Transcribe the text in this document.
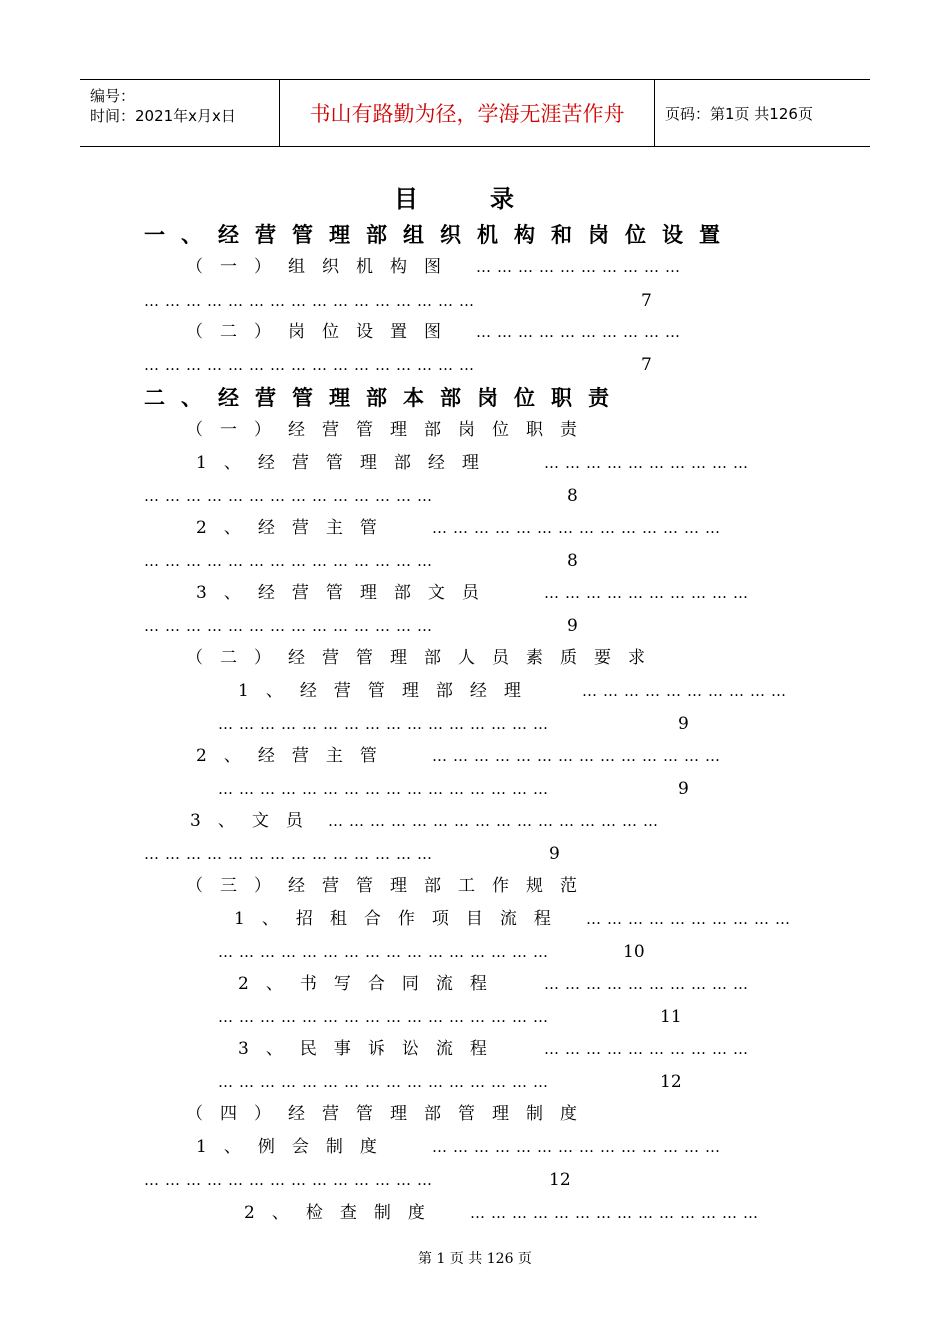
编号：
时间：2021年x月x日	书山有路勤为径，学海无涯苦作舟	页码：第1页 共126页
目　　　录
一、经营管理部组织机构和岗位设置
（一）组织机构图 …………………………
…………………………………………	7
（二）岗位设置图 …………………………
…………………………………………	7
二、经营管理部本部岗位职责
（一）经营管理部岗位职责
1、经营管理部经理	…………………………
……………………………………	8
2、经营主管	……………………………………
……………………………………	8
3、经营管理部文员	…………………………
……………………………………	9
（二）经营管理部人员素质要求
1、经营管理部经理	…………………………
…………………………………………	9
2、经营主管	……………………………………
…………………………………………	9
3、文员 …………………………………………
……………………………………	9
（三）经营管理部工作规范
1、招租合作项目流程 …………………………
…………………………………………	10
2、书写合同流程	…………………………
…………………………………………	11
3、民事诉讼流程	…………………………
…………………………………………	12
（四）经营管理部管理制度
1、例会制度	……………………………………
……………………………………	12
2、检查制度 ……………………………………
第 1 页 共 126 页
